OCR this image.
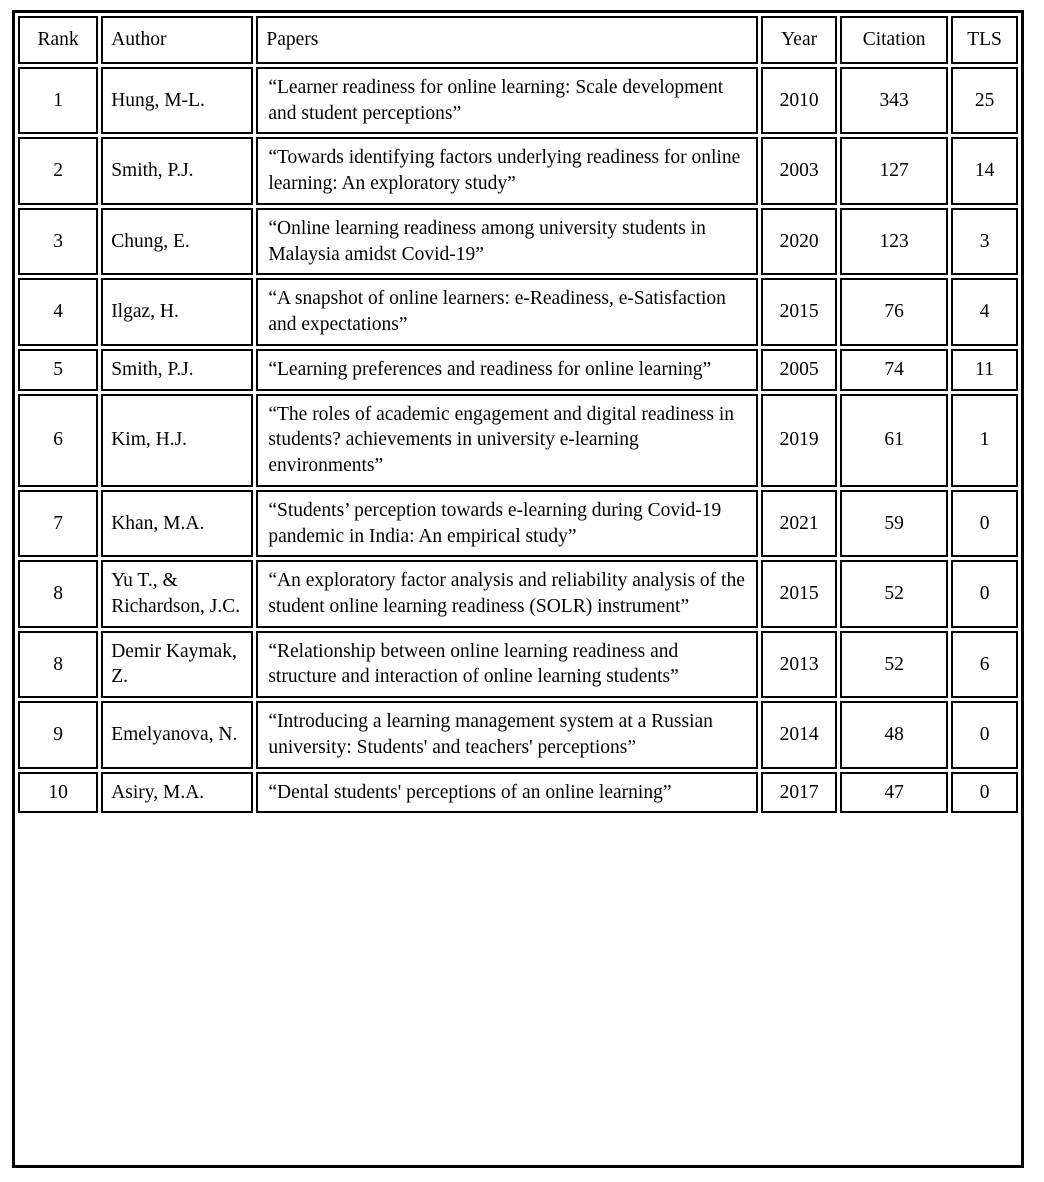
Rank	Author	Papers	Year	Citation	TLS

1	Hung, M-L.	“Learner readiness for online learning: Scale development and student perceptions”	2010	343	25

2	Smith, P.J.	“Towards identifying factors underlying readiness for online learning: An exploratory study”	2003	127	14

3	Chung, E.	“Online learning readiness among university students in Malaysia amidst Covid-19”	2020	123	3

4	Ilgaz, H.	“A snapshot of online learners: e-Readiness, e-Satisfaction and expectations”	2015	76	4

5	Smith, P.J.	“Learning preferences and readiness for online learning”	2005	74	11

6	Kim, H.J.	“The roles of academic engagement and digital readiness in students? achievements in university e-learning environments”	2019	61	1

7	Khan, M.A.	“Students’ perception towards e-learning during Covid-19 pandemic in India: An empirical study”	2021	59	0

8	Yu T., & Richardson, J.C.	“An exploratory factor analysis and reliability analysis of the student online learning readiness (SOLR) instrument”	2015	52	0

8	Demir Kaymak, Z.	“Relationship between online learning readiness and structure and interaction of online learning students”	2013	52	6

9	Emelyanova, N.	“Introducing a learning management system at a Russian university: Students' and teachers' perceptions”	2014	48	0

10	Asiry, M.A.	“Dental students' perceptions of an online learning”	2017	47	0
